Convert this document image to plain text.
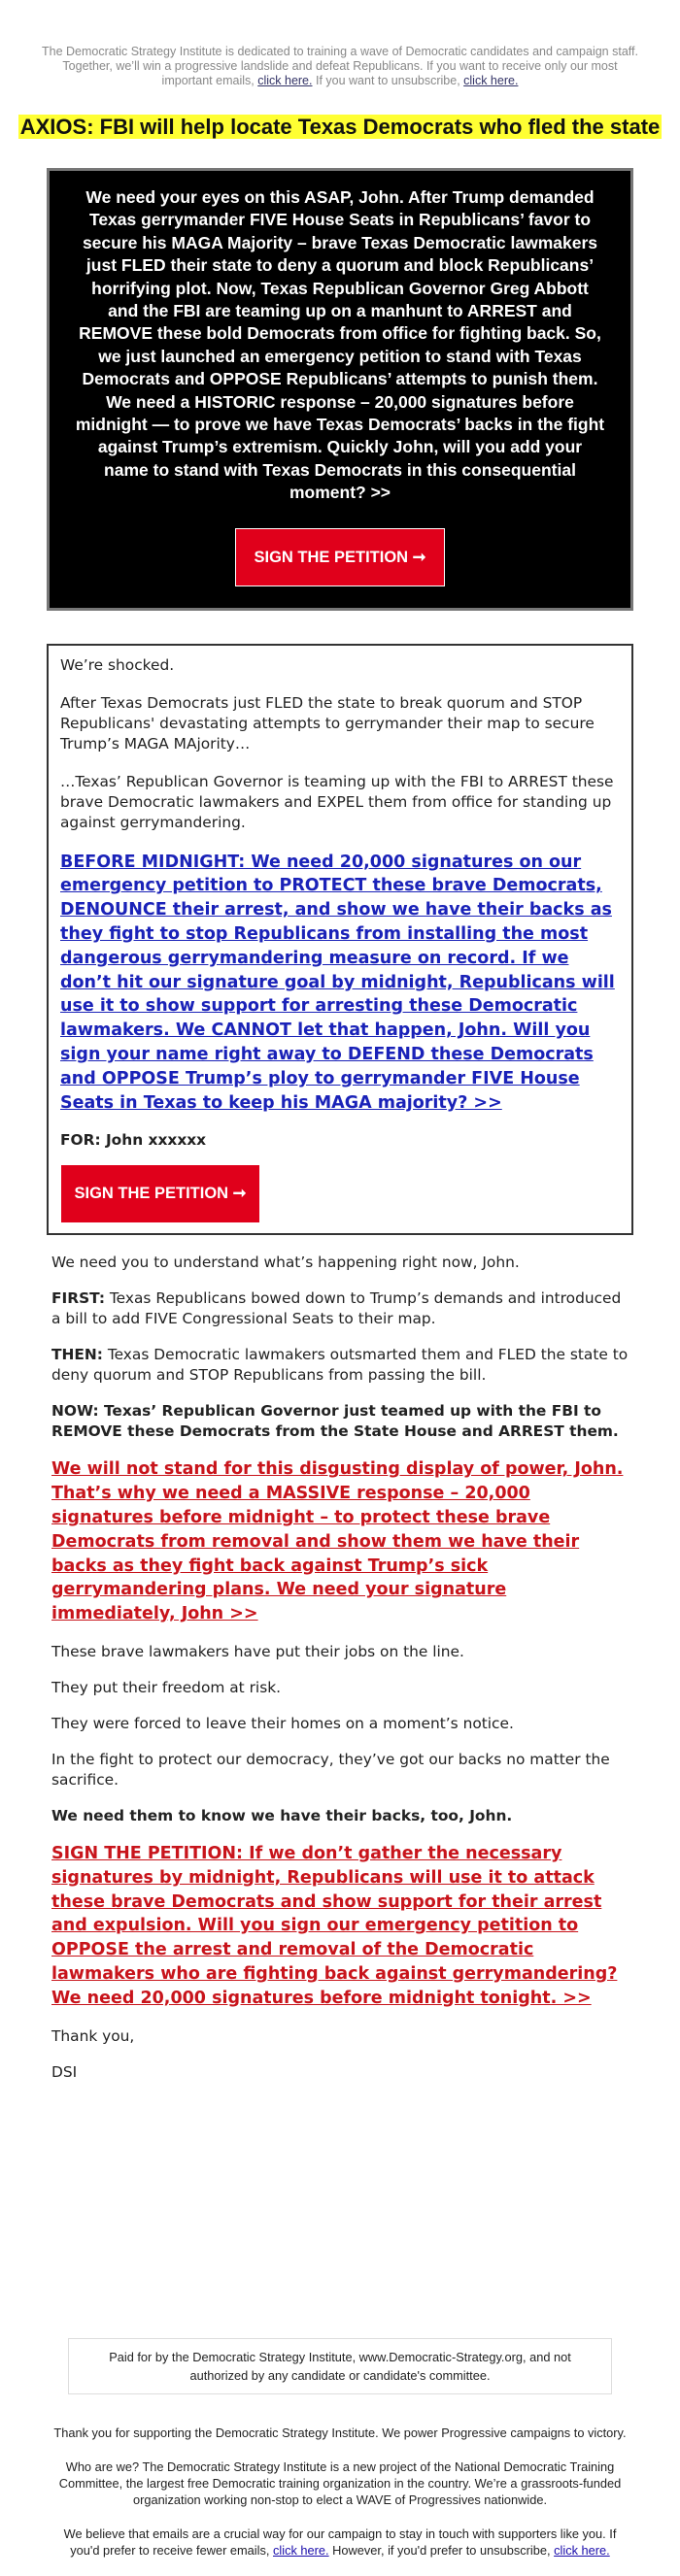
The Democratic Strategy Institute is dedicated to training a wave of Democratic candidates and campaign staff. Together, we’ll win a progressive landslide and defeat Republicans. If you want to receive only our most important emails, click here. If you want to unsubscribe, click here.
AXIOS: FBI will help locate Texas Democrats who fled the state
We need your eyes on this ASAP, John. After Trump demanded Texas gerrymander FIVE House Seats in Republicans’ favor to secure his MAGA Majority – brave Texas Democratic lawmakers just FLED their state to deny a quorum and block Republicans’ horrifying plot. Now, Texas Republican Governor Greg Abbott and the FBI are teaming up on a manhunt to ARREST and REMOVE these bold Democrats from office for fighting back. So, we just launched an emergency petition to stand with Texas Democrats and OPPOSE Republicans’ attempts to punish them. We need a HISTORIC response – 20,000 signatures before midnight — to prove we have Texas Democrats’ backs in the fight against Trump’s extremism. Quickly John, will you add your name to stand with Texas Democrats in this consequential moment? >>
SIGN THE PETITION ➞

We’re shocked.

After Texas Democrats just FLED the state to break quorum and STOP Republicans' devastating attempts to gerrymander their map to secure Trump’s MAGA MAjority…

…Texas’ Republican Governor is teaming up with the FBI to ARREST these brave Democratic lawmakers and EXPEL them from office for standing up against gerrymandering.

BEFORE MIDNIGHT: We need 20,000 signatures on our emergency petition to PROTECT these brave Democrats, DENOUNCE their arrest, and show we have their backs as they fight to stop Republicans from installing the most dangerous gerrymandering measure on record. If we don’t hit our signature goal by midnight, Republicans will use it to show support for arresting these Democratic lawmakers. We CANNOT let that happen, John. Will you sign your name right away to DEFEND these Democrats and OPPOSE Trump’s ploy to gerrymander FIVE House Seats in Texas to keep his MAGA majority? >>

FOR: John xxxxxx

SIGN THE PETITION ➞

We need you to understand what’s happening right now, John.

FIRST: Texas Republicans bowed down to Trump’s demands and introduced a bill to add FIVE Congressional Seats to their map.

THEN: Texas Democratic lawmakers outsmarted them and FLED the state to deny quorum and STOP Republicans from passing the bill.

NOW: Texas’ Republican Governor just teamed up with the FBI to REMOVE these Democrats from the State House and ARREST them.

We will not stand for this disgusting display of power, John. That’s why we need a MASSIVE response – 20,000 signatures before midnight – to protect these brave Democrats from removal and show them we have their backs as they fight back against Trump’s sick gerrymandering plans. We need your signature immediately, John >>

These brave lawmakers have put their jobs on the line.

They put their freedom at risk.

They were forced to leave their homes on a moment’s notice.

In the fight to protect our democracy, they’ve got our backs no matter the sacrifice.

We need them to know we have their backs, too, John.

SIGN THE PETITION: If we don’t gather the necessary signatures by midnight, Republicans will use it to attack these brave Democrats and show support for their arrest and expulsion. Will you sign our emergency petition to OPPOSE the arrest and removal of the Democratic lawmakers who are fighting back against gerrymandering? We need 20,000 signatures before midnight tonight. >>

Thank you,

DSI

Paid for by the Democratic Strategy Institute, www.Democratic-Strategy.org, and not authorized by any candidate or candidate's committee.

Thank you for supporting the Democratic Strategy Institute. We power Progressive campaigns to victory.

Who are we? The Democratic Strategy Institute is a new project of the National Democratic Training Committee, the largest free Democratic training organization in the country. We’re a grassroots-funded organization working non-stop to elect a WAVE of Progressives nationwide.

We believe that emails are a crucial way for our campaign to stay in touch with supporters like you. If you'd prefer to receive fewer emails, click here. However, if you'd prefer to unsubscribe, click here.
